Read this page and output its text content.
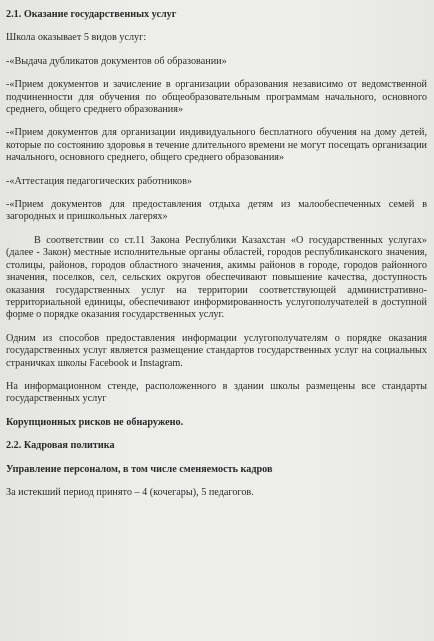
2.1. Оказание государственных услуг
Школа оказывает 5 видов услуг:
-«Выдача дубликатов документов об образовании»
-«Прием документов и зачисление в организации образования независимо от ведомственной подчиненности для обучения по общеобразовательным программам начального, основного среднего, общего среднего образования»
-«Прием документов для организации индивидуального бесплатного обучения на дому детей, которые по состоянию здоровья в течение длительного времени не могут посещать организации начального, основного среднего, общего среднего образования»
-«Аттестация педагогических работников»
-«Прием документов для предоставления отдыха детям из малообеспеченных семей в загородных и пришкольных лагерях»
В соответствии со ст.11 Закона Республики Казахстан «О государственных услугах» (далее - Закон) местные исполнительные органы областей, городов республиканского значения, столицы, районов, городов областного значения, акимы районов в городе, городов районного значения, поселков, сел, сельских округов обеспечивают повышение качества, доступность оказания государственных услуг на территории соответствующей административно-территориальной единицы, обеспечивают информированность услугополучателей в доступной форме о порядке оказания государственных услуг.
Одним из способов предоставления информации услугополучателям о порядке оказания государственных услуг является размещение стандартов государственных услуг на социальных страничках школы Facebook и Instagram.
На информационном стенде, расположенного в здании школы размещены все стандарты государственных услуг
Корупционных рисков не обнаружено.
2.2. Кадровая политика
Управление персоналом, в том числе сменяемость кадров
За истекший период принято – 4 (кочегары), 5 педагогов.
